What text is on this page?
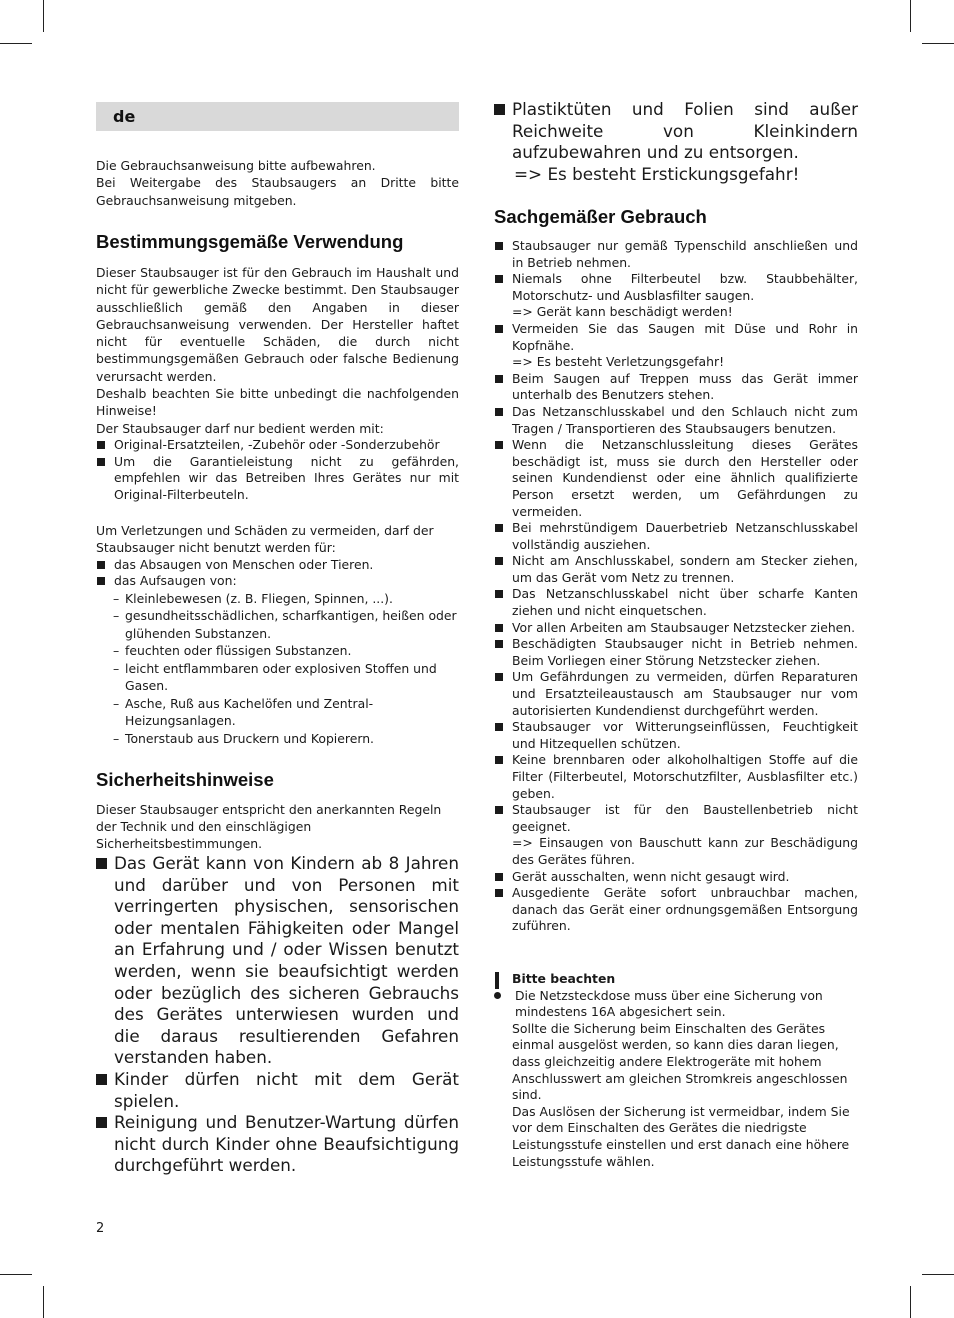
de

Die Gebrauchsanweisung bitte aufbewahren.
Bei Weitergabe des Staubsaugers an Dritte bitte Gebrauchsanweisung mitgeben.

Bestimmungsgemäße Verwendung

Dieser Staubsauger ist für den Gebrauch im Haushalt und nicht für gewerbliche Zwecke bestimmt. Den Staubsauger ausschließlich gemäß den Angaben in dieser Gebrauchsanweisung verwenden. Der Hersteller haftet nicht für eventuelle Schäden, die durch nicht bestimmungsgemäßen Gebrauch oder falsche Bedienung verursacht werden.

Deshalb beachten Sie bitte unbedingt die nachfolgenden Hinweise!

Der Staubsauger darf nur bedient werden mit:

Original-Ersatzteilen, -Zubehör oder -Sonderzubehör
Um die Garantieleistung nicht zu gefährden, empfehlen wir das Betreiben Ihres Gerätes nur mit Original-Filterbeuteln.

Um Verletzungen und Schäden zu vermeiden, darf der Staubsauger nicht benutzt werden für:

das Absaugen von Menschen oder Tieren.
das Aufsaugen von:
– Kleinlebewesen (z. B. Fliegen, Spinnen, ...).
– gesundheitsschädlichen, scharfkantigen, heißen oder glühenden Substanzen.
– feuchten oder flüssigen Substanzen.
– leicht entflammbaren oder explosiven Stoffen und Gasen.
– Asche, Ruß aus Kachelöfen und Zentral-Heizungsanlagen.
– Tonerstaub aus Druckern und Kopierern.
Sicherheitshinweise

Dieser Staubsauger entspricht den anerkannten Regeln der Technik und den einschlägigen Sicherheitsbestimmungen.

Das Gerät kann von Kindern ab 8 Jahren und darüber und von Personen mit verringerten physischen, sensorischen oder mentalen Fähigkeiten oder Mangel an Erfahrung und / oder Wissen benutzt werden, wenn sie beaufsichtigt werden oder bezüglich des sicheren Gebrauchs des Gerätes unterwiesen wurden und die daraus resultierenden Gefahren verstanden haben.
Kinder dürfen nicht mit dem Gerät spielen.
Reinigung und Benutzer-Wartung dürfen nicht durch Kinder ohne Beaufsichtigung durchgeführt werden.
Plastiktüten und Folien sind außer Reichweite von Kleinkindern aufzubewahren und zu entsorgen.
=> Es besteht Erstickungsgefahr!
Sachgemäßer Gebrauch
Staubsauger nur gemäß Typenschild anschließen und in Betrieb nehmen.
Niemals ohne Filterbeutel bzw. Staubbehälter, Motorschutz- und Ausblasfilter saugen.
=> Gerät kann beschädigt werden!
Vermeiden Sie das Saugen mit Düse und Rohr in Kopfnähe.
=> Es besteht Verletzungsgefahr!
Beim Saugen auf Treppen muss das Gerät immer unterhalb des Benutzers stehen.
Das Netzanschlusskabel und den Schlauch nicht zum Tragen / Transportieren des Staubsaugers benutzen.
Wenn die Netzanschlussleitung dieses Gerätes beschädigt ist, muss sie durch den Hersteller oder seinen Kundendienst oder eine ähnlich qualifizierte Person ersetzt werden, um Gefährdungen zu vermeiden.
Bei mehrstündigem Dauerbetrieb Netzanschlusskabel vollständig ausziehen.
Nicht am Anschlusskabel, sondern am Stecker ziehen, um das Gerät vom Netz zu trennen.
Das Netzanschlusskabel nicht über scharfe Kanten ziehen und nicht einquetschen.
Vor allen Arbeiten am Staubsauger Netzstecker ziehen.
Beschädigten Staubsauger nicht in Betrieb nehmen. Beim Vorliegen einer Störung Netzstecker ziehen.
Um Gefährdungen zu vermeiden, dürfen Reparaturen und Ersatzteileaustausch am Staubsauger nur vom autorisierten Kundendienst durchgeführt werden.
Staubsauger vor Witterungseinflüssen, Feuchtigkeit und Hitzequellen schützen.
Keine brennbaren oder alkoholhaltigen Stoffe auf die Filter (Filterbeutel, Motorschutzfilter, Ausblasfilter etc.) geben.
Staubsauger ist für den Baustellenbetrieb nicht geeignet.
=> Einsaugen von Bauschutt kann zur Beschädigung des Gerätes führen.
Gerät ausschalten, wenn nicht gesaugt wird.
Ausgediente Geräte sofort unbrauchbar machen, danach das Gerät einer ordnungsgemäßen Entsorgung zuführen.
Bitte beachten
Die Netzsteckdose muss über eine Sicherung von mindestens 16A abgesichert sein.
Sollte die Sicherung beim Einschalten des Gerätes einmal ausgelöst werden, so kann dies daran liegen, dass gleichzeitig andere Elektrogeräte mit hohem Anschlusswert am gleichen Stromkreis angeschlossen sind.
Das Auslösen der Sicherung ist vermeidbar, indem Sie vor dem Einschalten des Gerätes die niedrigste Leistungsstufe einstellen und erst danach eine höhere Leistungsstufe wählen.
2
